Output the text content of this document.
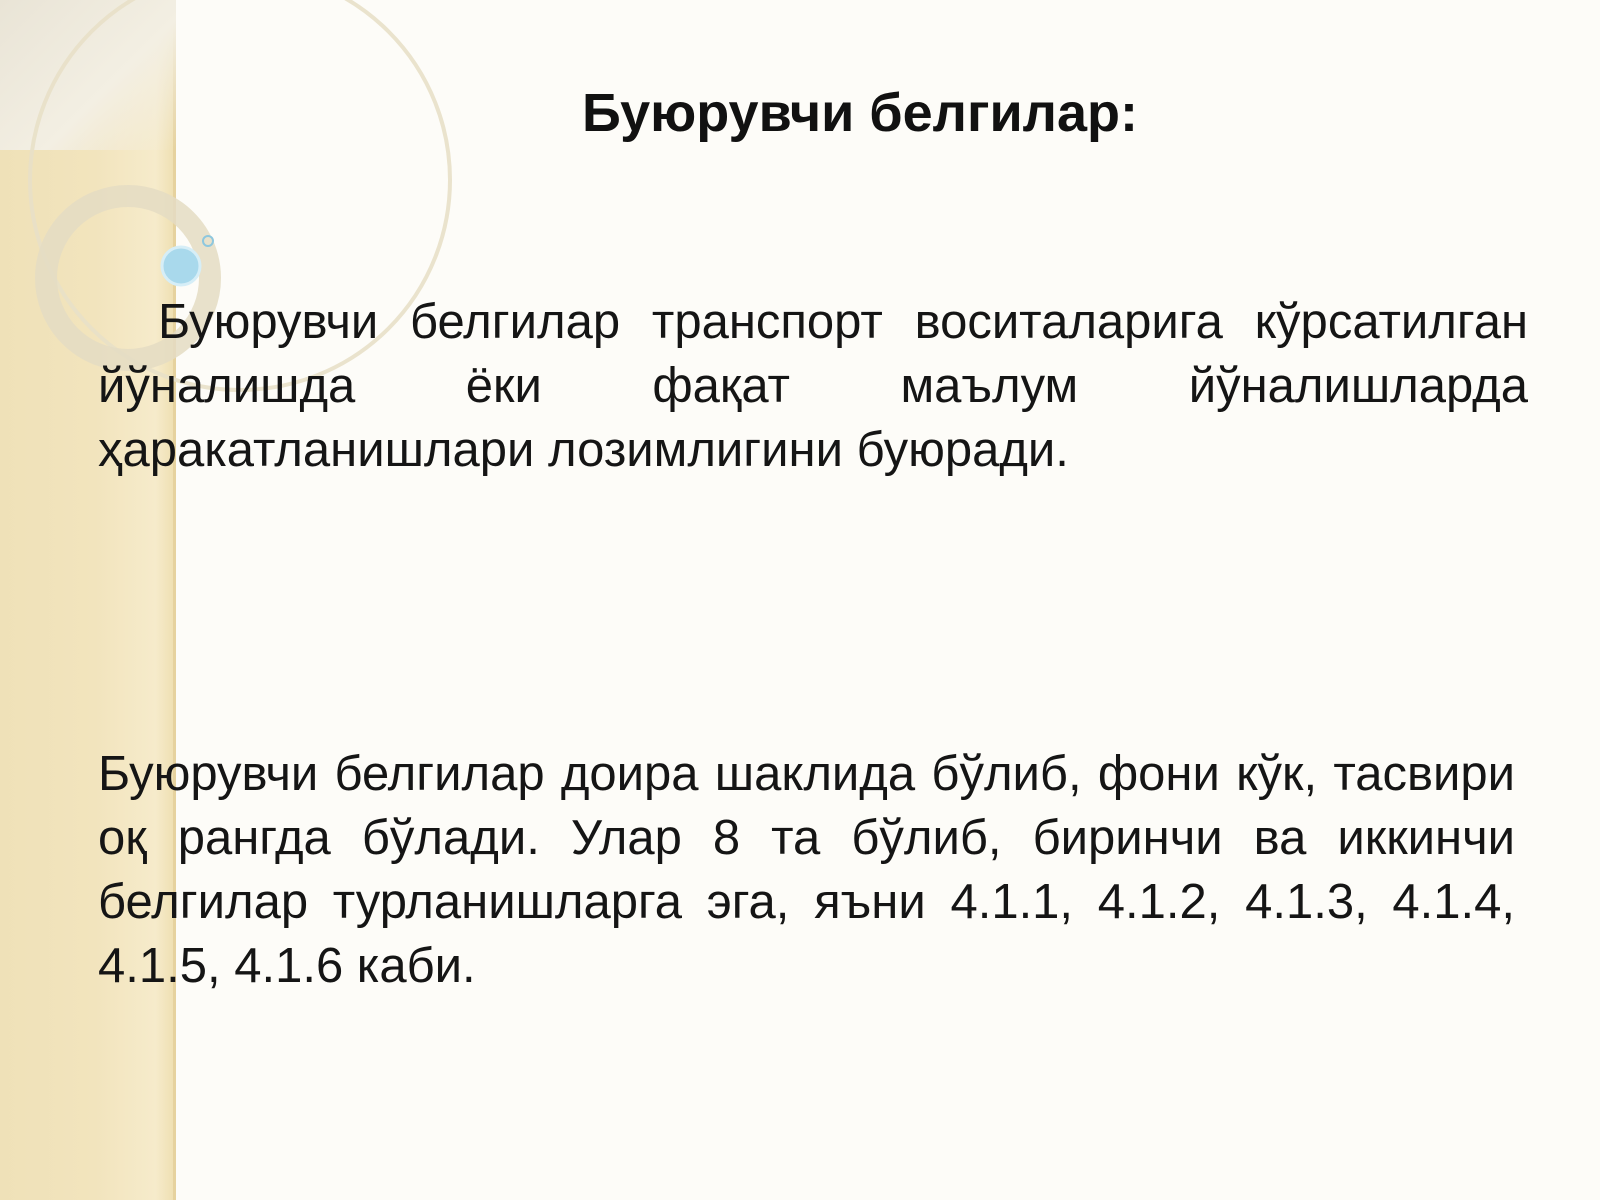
Буюрувчи белгилар:
Буюрувчи белгилар транспорт воситаларига кўрсатилган йўналишда ёки фақат маълум йўналишларда ҳаракатланишлари лозимлигини буюради.
Буюрувчи белгилар доира шаклида бўлиб, фони кўк, тасвири оқ рангда бўлади. Улар 8 та бўлиб, биринчи ва иккинчи белгилар турланишларга эга, яъни 4.1.1, 4.1.2, 4.1.3, 4.1.4, 4.1.5, 4.1.6 каби.
